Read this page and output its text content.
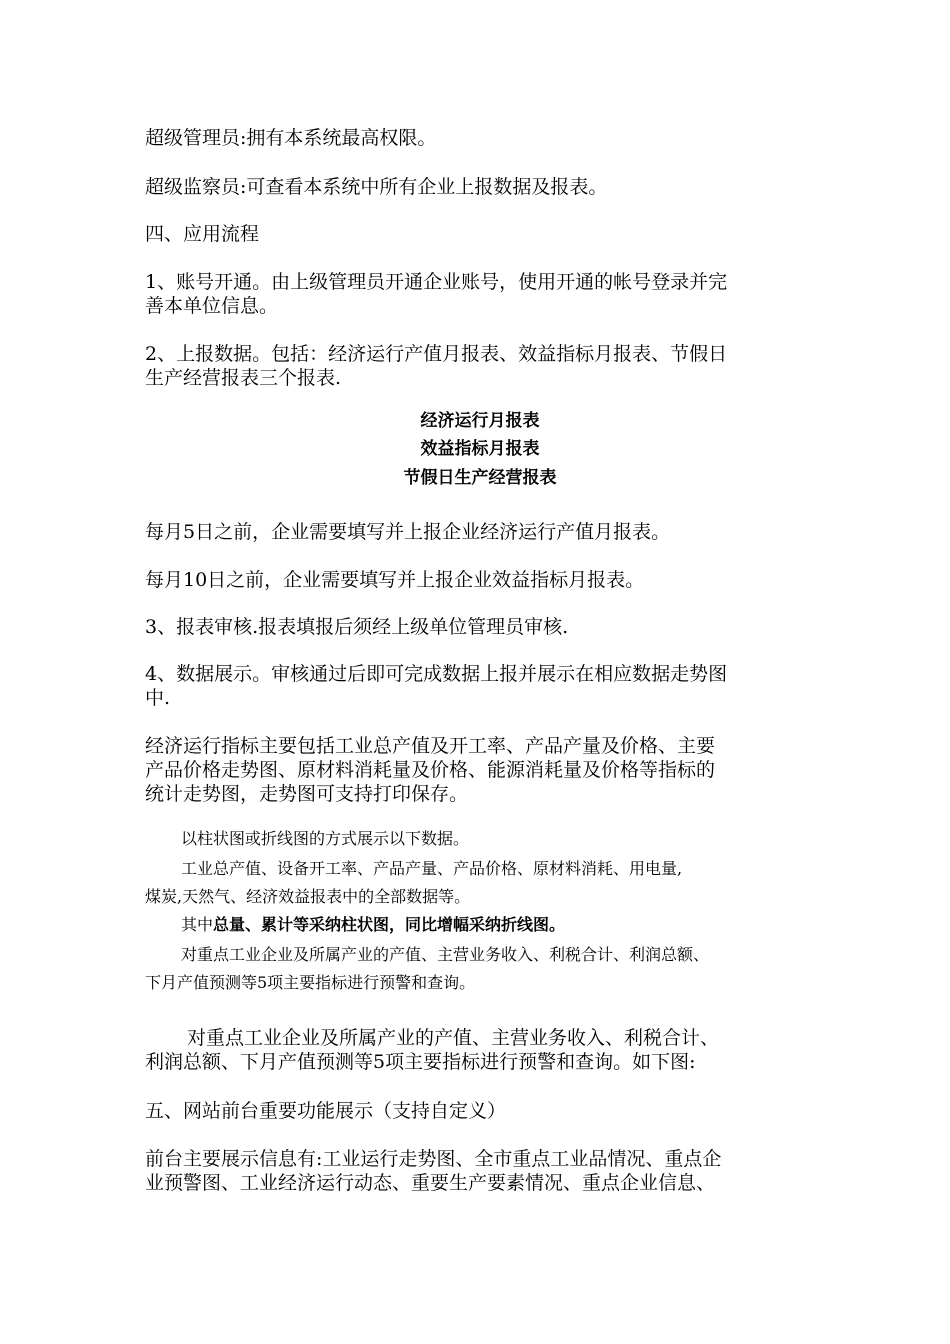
超级管理员:拥有本系统最高权限。
超级监察员:可查看本系统中所有企业上报数据及报表。
四、应用流程
1、账号开通。由上级管理员开通企业账号，使用开通的帐号登录并完
善本单位信息。
2、上报数据。包括：经济运行产值月报表、效益指标月报表、节假日
生产经营报表三个报表.
经济运行月报表
效益指标月报表
节假日生产经营报表
每月5日之前，企业需要填写并上报企业经济运行产值月报表。
每月10日之前，企业需要填写并上报企业效益指标月报表。
3、报表审核.报表填报后须经上级单位管理员审核.
4、数据展示。审核通过后即可完成数据上报并展示在相应数据走势图
中.
经济运行指标主要包括工业总产值及开工率、产品产量及价格、主要
产品价格走势图、原材料消耗量及价格、能源消耗量及价格等指标的
统计走势图，走势图可支持打印保存。
以柱状图或折线图的方式展示以下数据。
工业总产值、设备开工率、产品产量、产品价格、原材料消耗、用电量,
煤炭,天然气、经济效益报表中的全部数据等。
其中总量、累计等采纳柱状图，同比增幅采纳折线图。
对重点工业企业及所属产业的产值、主营业务收入、利税合计、利润总额、
下月产值预测等5项主要指标进行预警和查询。
对重点工业企业及所属产业的产值、主营业务收入、利税合计、
利润总额、下月产值预测等5项主要指标进行预警和查询。如下图:
五、网站前台重要功能展示（支持自定义）
前台主要展示信息有:工业运行走势图、全市重点工业品情况、重点企
业预警图、工业经济运行动态、重要生产要素情况、重点企业信息、
